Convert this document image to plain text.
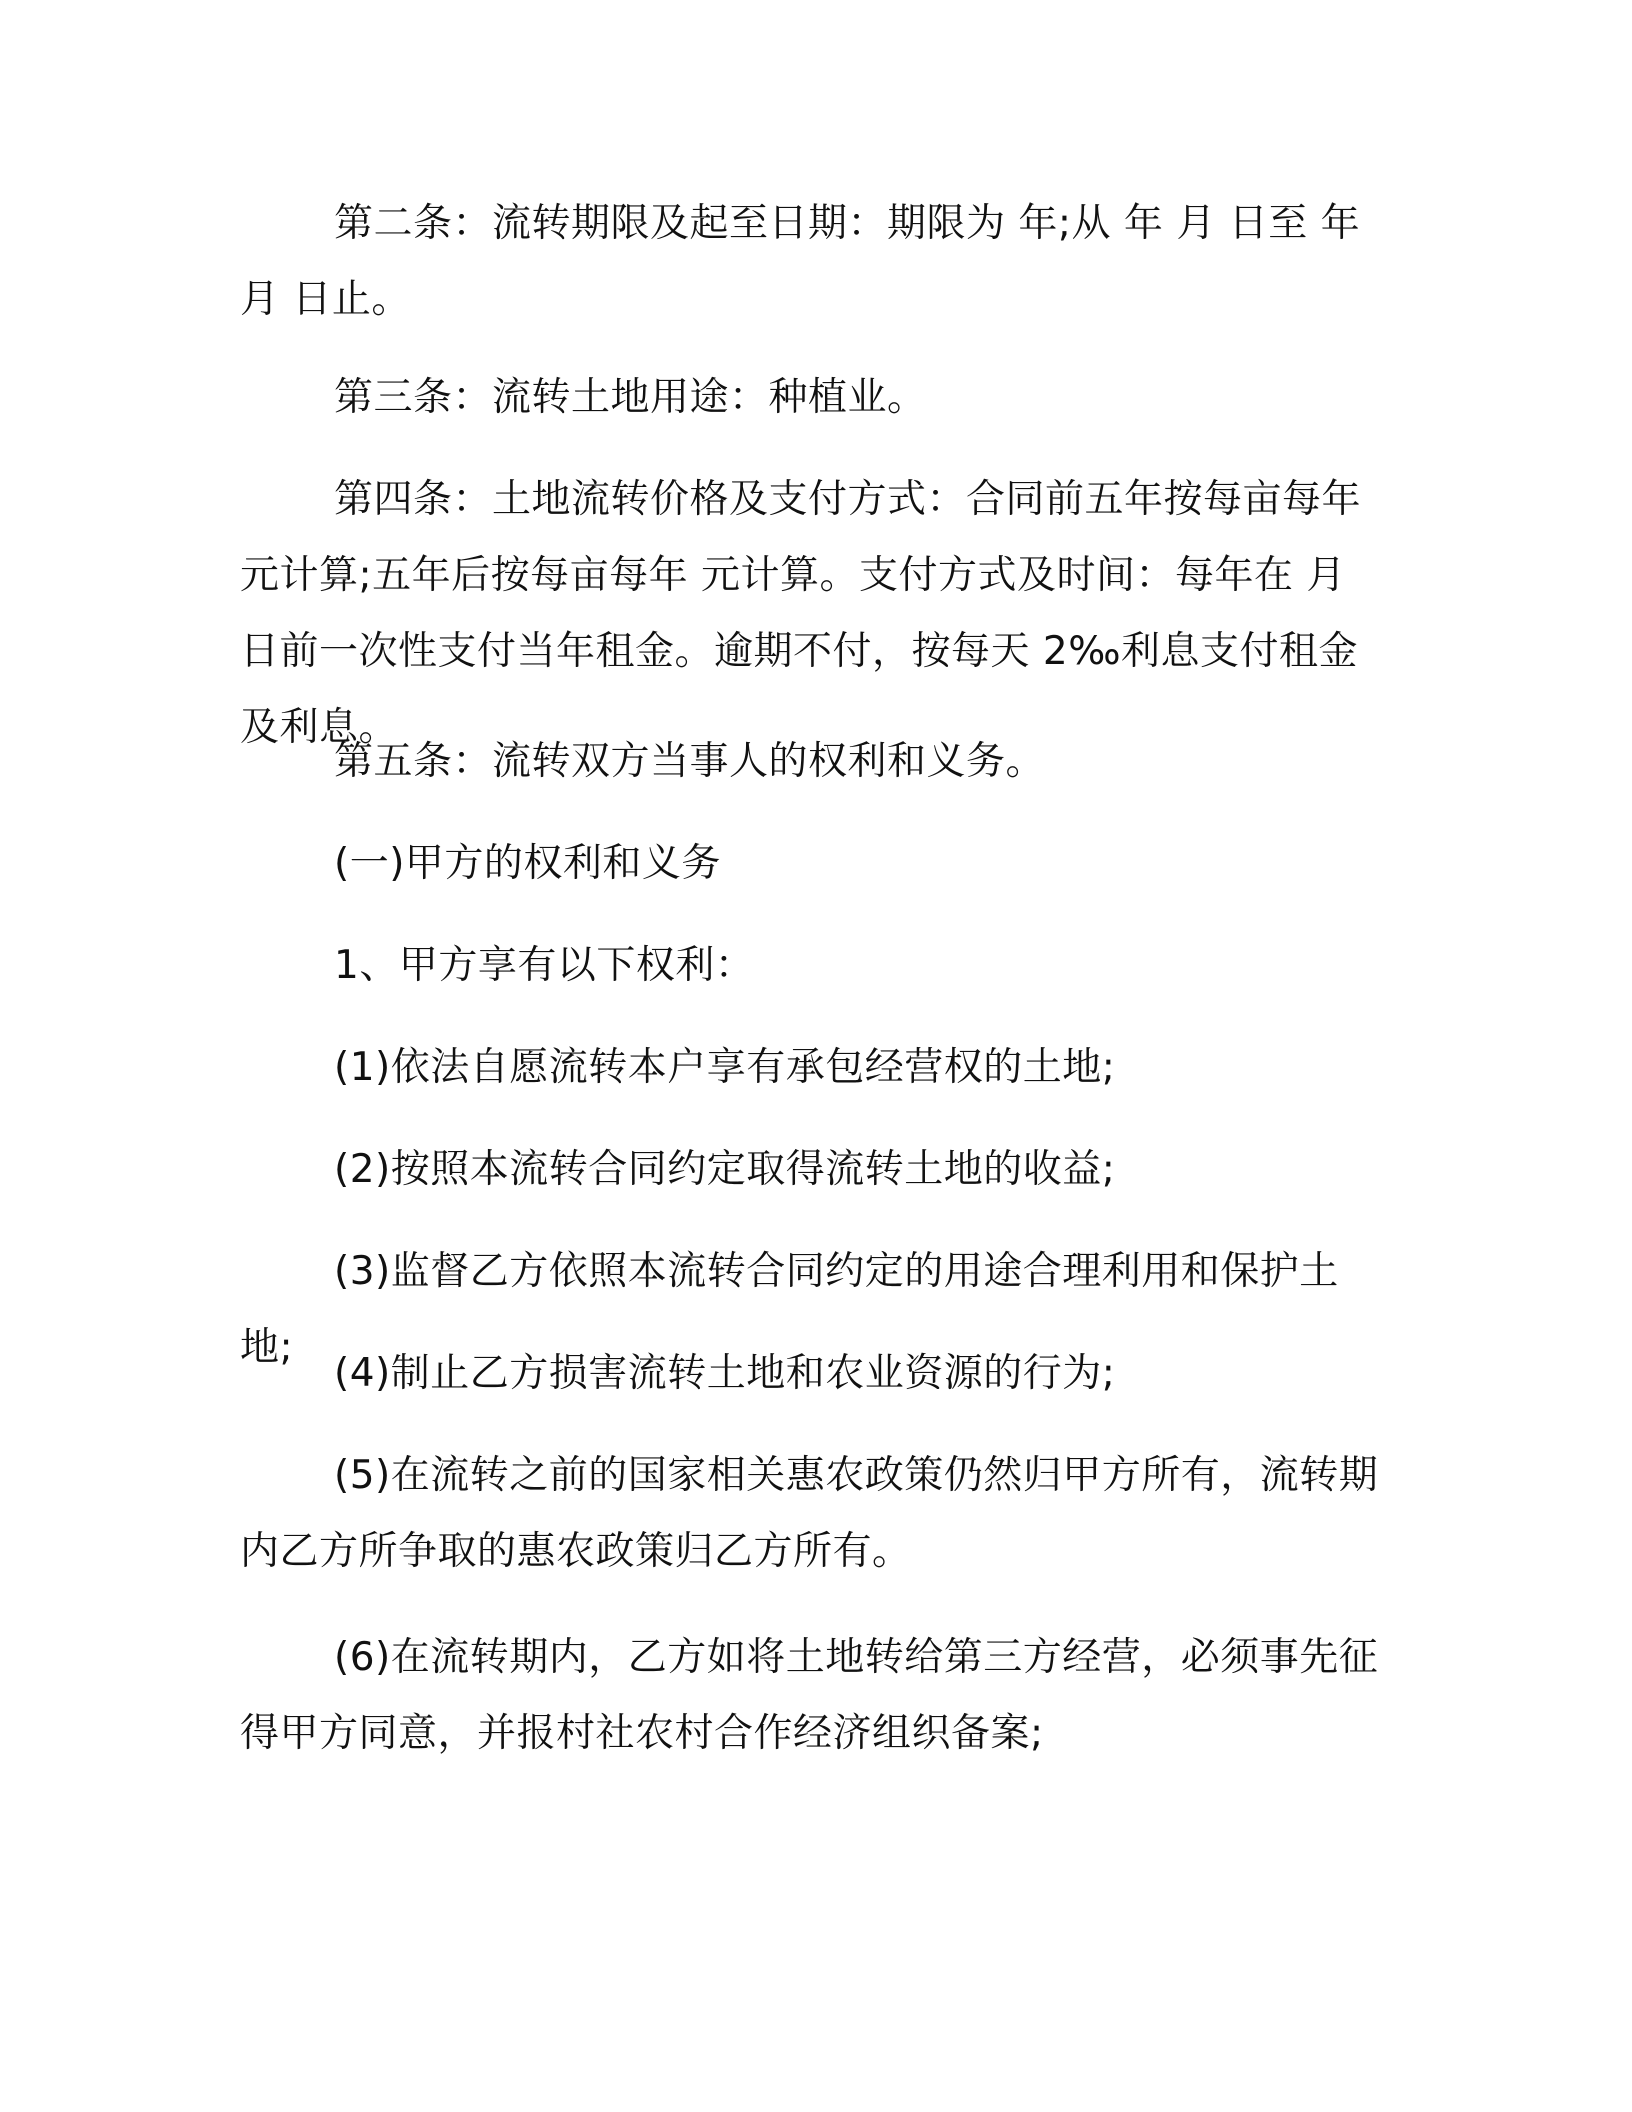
第二条：流转期限及起至日期：期限为 年;从 年 月 日至 年 月 日止。

第三条：流转土地用途：种植业。

第四条：土地流转价格及支付方式：合同前五年按每亩每年 元计算;五年后按每亩每年 元计算。支付方式及时间：每年在 月 日前一次性支付当年租金。逾期不付，按每天 2‰利息支付租金及利息。

第五条：流转双方当事人的权利和义务。

(一)甲方的权利和义务

1、甲方享有以下权利：

(1)依法自愿流转本户享有承包经营权的土地;

(2)按照本流转合同约定取得流转土地的收益;

(3)监督乙方依照本流转合同约定的用途合理利用和保护土地;

(4)制止乙方损害流转土地和农业资源的行为;

(5)在流转之前的国家相关惠农政策仍然归甲方所有，流转期内乙方所争取的惠农政策归乙方所有。

(6)在流转期内，乙方如将土地转给第三方经营，必须事先征得甲方同意，并报村社农村合作经济组织备案;
